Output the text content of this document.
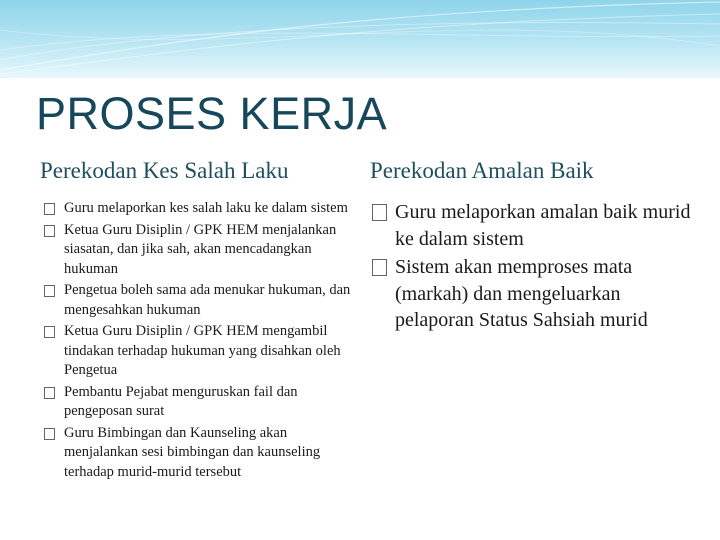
PROSES KERJA
Perekodan Kes Salah Laku	Perekodan Amalan Baik
Guru melaporkan kes salah laku ke dalam sistem
Ketua Guru Disiplin / GPK HEM menjalankan siasatan, dan jika sah, akan mencadangkan hukuman
Pengetua boleh sama ada menukar hukuman, dan mengesahkan hukuman
Ketua Guru Disiplin / GPK HEM mengambil tindakan terhadap hukuman yang disahkan oleh Pengetua
Pembantu Pejabat menguruskan fail dan pengeposan surat
Guru Bimbingan dan Kaunseling akan menjalankan sesi bimbingan dan kaunseling terhadap murid-murid tersebut
Guru melaporkan amalan baik murid ke dalam sistem
Sistem akan memproses mata (markah) dan mengeluarkan pelaporan Status Sahsiah murid
